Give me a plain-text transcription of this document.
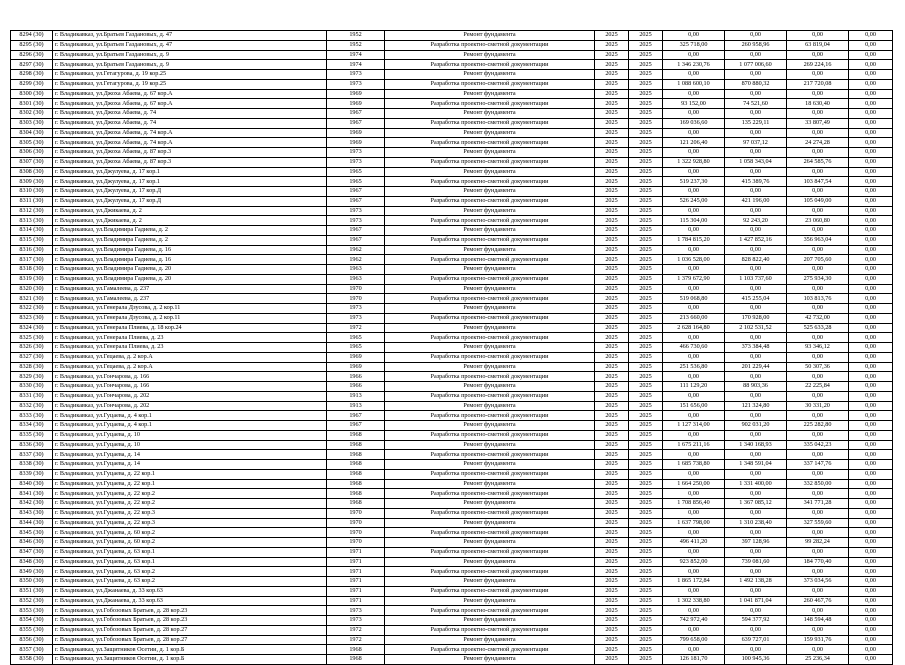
8294 (30)	г. Владикавказ, ул.Братьев Газдановых, д. 47	1952	Ремонт фундамента	2025	2025	0,00	0,00	0,00	0,00
8295 (30)	г. Владикавказ, ул.Братьев Газдановых, д. 47	1952	Разработка проектно-сметной документации	2025	2025	325 718,00	260 958,96	63 819,04	0,00
8296 (30)	г. Владикавказ, ул.Братьев Газдановых, д. 9	1974	Ремонт фундамента	2025	2025	0,00	0,00	0,00	0,00
8297 (30)	г. Владикавказ, ул.Братьев Газдановых, д. 9	1974	Разработка проектно-сметной документации	2025	2025	1 346 230,76	1 077 006,60	269 224,16	0,00
8298 (30)	г. Владикавказ, ул.Гетагурова, д. 19 кор.25	1973	Ремонт фундамента	2025	2025	0,00	0,00	0,00	0,00
8299 (30)	г. Владикавказ, ул.Гетагурова, д. 19 кор.25	1973	Разработка проектно-сметной документации	2025	2025	1 088 600,10	870 880,32	217 720,08	0,00
8300 (30)	г. Владикавказ, ул.Джоха Абаева, д. 67 кор.А	1969	Ремонт фундамента	2025	2025	0,00	0,00	0,00	0,00
8301 (30)	г. Владикавказ, ул.Джоха Абаева, д. 67 кор.А	1969	Разработка проектно-сметной документации	2025	2025	93 152,00	74 521,60	18 630,40	0,00
8302 (30)	г. Владикавказ, ул.Джоха Абаева, д. 74	1967	Ремонт фундамента	2025	2025	0,00	0,00	0,00	0,00
8303 (30)	г. Владикавказ, ул.Джоха Абаева, д. 74	1967	Разработка проектно-сметной документации	2025	2025	169 036,60	135 229,11	33 807,49	0,00
8304 (30)	г. Владикавказ, ул.Джоха Абаева, д. 74 кор.А	1969	Ремонт фундамента	2025	2025	0,00	0,00	0,00	0,00
8305 (30)	г. Владикавказ, ул.Джоха Абаева, д. 74 кор.А	1969	Разработка проектно-сметной документации	2025	2025	121 206,40	97 037,12	24 274,28	0,00
8306 (30)	г. Владикавказ, ул.Джоха Абаева, д. 87 кор.3	1973	Ремонт фундамента	2025	2025	0,00	0,00	0,00	0,00
8307 (30)	г. Владикавказ, ул.Джоха Абаева, д. 87 кор.3	1973	Разработка проектно-сметной документации	2025	2025	1 322 928,80	1 058 343,04	264 585,76	0,00
8308 (30)	г. Владикавказ, ул.Джулуева, д. 17 кор.1	1965	Ремонт фундамента	2025	2025	0,00	0,00	0,00	0,00
8309 (30)	г. Владикавказ, ул.Джулуева, д. 17 кор.1	1965	Разработка проектно-сметной документации	2025	2025	519 237,30	415 389,76	103 847,54	0,00
8310 (30)	г. Владикавказ, ул.Джулуева, д. 17 кор.Д	1967	Ремонт фундамента	2025	2025	0,00	0,00	0,00	0,00
8311 (30)	г. Владикавказ, ул.Джулуева, д. 17 кор.Д	1967	Разработка проектно-сметной документации	2025	2025	526 245,00	421 196,00	105 049,00	0,00
8312 (30)	г. Владикавказ, ул.Джикаева, д. 2	1973	Ремонт фундамента	2025	2025	0,00	0,00	0,00	0,00
8313 (30)	г. Владикавказ, ул.Джикаева, д. 2	1973	Разработка проектно-сметной документации	2025	2025	115 304,00	92 243,20	23 060,80	0,00
8314 (30)	г. Владикавказ, ул.Владимира Гадиева, д. 2	1967	Ремонт фундамента	2025	2025	0,00	0,00	0,00	0,00
8315 (30)	г. Владикавказ, ул.Владимира Гадиева, д. 2	1967	Разработка проектно-сметной документации	2025	2025	1 784 815,20	1 427 852,16	356 963,04	0,00
8316 (30)	г. Владикавказ, ул.Владимира Гадиева, д. 16	1962	Ремонт фундамента	2025	2025	0,00	0,00	0,00	0,00
8317 (30)	г. Владикавказ, ул.Владимира Гадиева, д. 16	1962	Разработка проектно-сметной документации	2025	2025	1 036 528,00	828 822,40	207 705,60	0,00
8318 (30)	г. Владикавказ, ул.Владимира Гадиева, д. 20	1963	Ремонт фундамента	2025	2025	0,00	0,00	0,00	0,00
8319 (30)	г. Владикавказ, ул.Владимира Гадиева, д. 20	1963	Разработка проектно-сметной документации	2025	2025	1 379 672,90	1 103 737,60	275 934,30	0,00
8320 (30)	г. Владикавказ, ул.Гамалеева, д. 237	1970	Ремонт фундамента	2025	2025	0,00	0,00	0,00	0,00
8321 (30)	г. Владикавказ, ул.Гамалеева, д. 237	1970	Разработка проектно-сметной документации	2025	2025	519 068,80	415 255,04	103 813,76	0,00
8322 (30)	г. Владикавказ, ул.Генерала Дзусова, д. 2 кор.11	1973	Ремонт фундамента	2025	2025	0,00	0,00	0,00	0,00
8323 (30)	г. Владикавказ, ул.Генерала Дзусова, д. 2 кор.11	1973	Разработка проектно-сметной документации	2025	2025	213 660,00	170 928,00	42 732,00	0,00
8324 (30)	г. Владикавказ, ул.Генерала Плиева, д. 18 кор.24	1972	Ремонт фундамента	2025	2025	2 628 164,80	2 102 531,52	525 633,28	0,00
8325 (30)	г. Владикавказ, ул.Генерала Плиева, д. 23	1965	Разработка проектно-сметной документации	2025	2025	0,00	0,00	0,00	0,00
8326 (30)	г. Владикавказ, ул.Генерала Плиева, д. 23	1965	Ремонт фундамента	2025	2025	466 730,60	373 384,48	93 346,12	0,00
8327 (30)	г. Владикавказ, ул.Гецаева, д. 2 кор.А	1969	Разработка проектно-сметной документации	2025	2025	0,00	0,00	0,00	0,00
8328 (30)	г. Владикавказ, ул.Гецаева, д. 2 кор.А	1969	Ремонт фундамента	2025	2025	251 536,80	201 229,44	50 307,36	0,00
8329 (30)	г. Владикавказ, ул.Гончарова, д. 166	1966	Разработка проектно-сметной документации	2025	2025	0,00	0,00	0,00	0,00
8330 (30)	г. Владикавказ, ул.Гончарова, д. 166	1966	Ремонт фундамента	2025	2025	111 129,20	88 903,36	22 225,84	0,00
8331 (30)	г. Владикавказ, ул.Гончарова, д. 202	1913	Разработка проектно-сметной документации	2025	2025	0,00	0,00	0,00	0,00
8332 (30)	г. Владикавказ, ул.Гончарова, д. 202	1913	Ремонт фундамента	2025	2025	151 656,00	121 324,80	30 331,20	0,00
8333 (30)	г. Владикавказ, ул.Гуцаева, д. 4 кор.1	1967	Разработка проектно-сметной документации	2025	2025	0,00	0,00	0,00	0,00
8334 (30)	г. Владикавказ, ул.Гуцаева, д. 4 кор.1	1967	Ремонт фундамента	2025	2025	1 127 314,00	902 031,20	225 282,80	0,00
8335 (30)	г. Владикавказ, ул.Гуцаева, д. 10	1968	Разработка проектно-сметной документации	2025	2025	0,00	0,00	0,00	0,00
8336 (30)	г. Владикавказ, ул.Гуцаева, д. 10	1968	Ремонт фундамента	2025	2025	1 675 211,16	1 340 168,93	335 042,23	0,00
8337 (30)	г. Владикавказ, ул.Гуцаева, д. 14	1968	Разработка проектно-сметной документации	2025	2025	0,00	0,00	0,00	0,00
8338 (30)	г. Владикавказ, ул.Гуцаева, д. 14	1968	Ремонт фундамента	2025	2025	1 685 738,80	1 348 591,04	337 147,76	0,00
8339 (30)	г. Владикавказ, ул.Гуцаева, д. 22 кор.1	1968	Разработка проектно-сметной документации	2025	2025	0,00	0,00	0,00	0,00
8340 (30)	г. Владикавказ, ул.Гуцаева, д. 22 кор.1	1968	Ремонт фундамента	2025	2025	1 664 250,00	1 331 400,00	332 850,00	0,00
8341 (30)	г. Владикавказ, ул.Гуцаева, д. 22 кор.2	1968	Разработка проектно-сметной документации	2025	2025	0,00	0,00	0,00	0,00
8342 (30)	г. Владикавказ, ул.Гуцаева, д. 22 кор.2	1968	Ремонт фундамента	2025	2025	1 708 856,40	1 367 085,12	341 771,28	0,00
8343 (30)	г. Владикавказ, ул.Гуцаева, д. 22 кор.3	1970	Разработка проектно-сметной документации	2025	2025	0,00	0,00	0,00	0,00
8344 (30)	г. Владикавказ, ул.Гуцаева, д. 22 кор.3	1970	Ремонт фундамента	2025	2025	1 637 798,00	1 310 238,40	327 559,60	0,00
8345 (30)	г. Владикавказ, ул.Гуцаева, д. 60 кор.2	1970	Разработка проектно-сметной документации	2025	2025	0,00	0,00	0,00	0,00
8346 (30)	г. Владикавказ, ул.Гуцаева, д. 60 кор.2	1970	Ремонт фундамента	2025	2025	496 411,20	397 128,96	99 282,24	0,00
8347 (30)	г. Владикавказ, ул.Гуцаева, д. 63 кор.1	1971	Разработка проектно-сметной документации	2025	2025	0,00	0,00	0,00	0,00
8348 (30)	г. Владикавказ, ул.Гуцаева, д. 63 кор.1	1971	Ремонт фундамента	2025	2025	923 852,00	739 081,60	184 770,40	0,00
8349 (30)	г. Владикавказ, ул.Гуцаева, д. 63 кор.2	1971	Разработка проектно-сметной документации	2025	2025	0,00	0,00	0,00	0,00
8350 (30)	г. Владикавказ, ул.Гуцаева, д. 63 кор.2	1971	Ремонт фундамента	2025	2025	1 865 172,84	1 492 138,28	373 034,56	0,00
8351 (30)	г. Владикавказ, ул.Джанаева, д. 33 кор.63	1971	Разработка проектно-сметной документации	2025	2025	0,00	0,00	0,00	0,00
8352 (30)	г. Владикавказ, ул.Джанаева, д. 33 кор.63	1971	Ремонт фундамента	2025	2025	1 302 338,80	1 041 871,04	260 467,76	0,00
8353 (30)	г. Владикавказ, ул.Гобозовых Братьев, д. 28 кор.23	1973	Разработка проектно-сметной документации	2025	2025	0,00	0,00	0,00	0,00
8354 (30)	г. Владикавказ, ул.Гобозовых Братьев, д. 28 кор.23	1973	Ремонт фундамента	2025	2025	742 972,40	594 377,92	148 594,48	0,00
8355 (30)	г. Владикавказ, ул.Гобозовых Братьев, д. 28 кор.27	1972	Разработка проектно-сметной документации	2025	2025	0,00	0,00	0,00	0,00
8356 (30)	г. Владикавказ, ул.Гобозовых Братьев, д. 28 кор.27	1972	Ремонт фундамента	2025	2025	799 658,00	639 727,01	159 931,76	0,00
8357 (30)	г. Владикавказ, ул.Защитников Осетии, д. 1 кор.Б	1968	Разработка проектно-сметной документации	2025	2025	0,00	0,00	0,00	0,00
8358 (30)	г. Владикавказ, ул.Защитников Осетии, д. 1 кор.Б	1968	Ремонт фундамента	2025	2025	126 181,70	100 945,36	25 236,34	0,00
